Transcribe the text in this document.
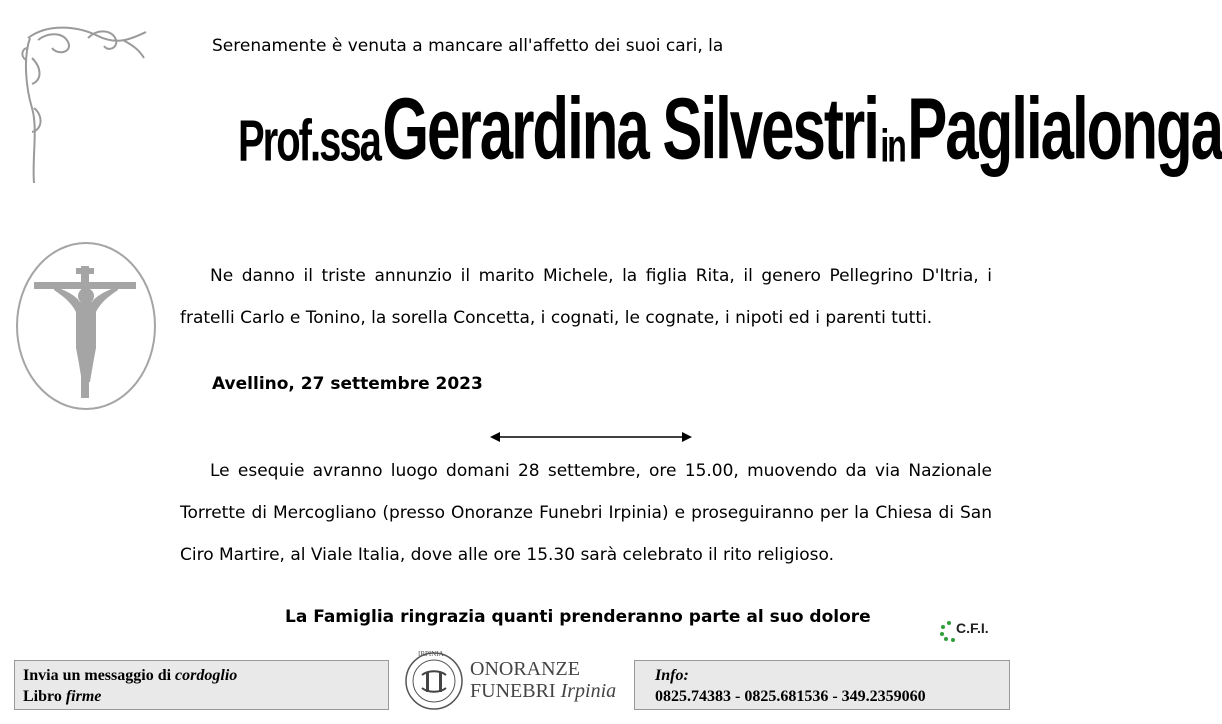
Serenamente è venuta a mancare all'affetto dei suoi cari, la
Prof.ssa Gerardina Silvestri in Paglialonga
Ne danno il triste annunzio il marito Michele, la figlia Rita, il genero Pellegrino D'Itria, i fratelli Carlo e Tonino, la sorella Concetta, i cognati, le cognate, i nipoti ed i parenti tutti.
Avellino, 27 settembre 2023
Le esequie avranno luogo domani 28 settembre, ore 15.00, muovendo da via Nazionale Torrette di Mercogliano (presso Onoranze Funebri Irpinia) e proseguiranno per la Chiesa di San Ciro Martire, al Viale Italia, dove alle ore 15.30 sarà celebrato il rito religioso.
La Famiglia ringrazia quanti prenderanno parte al suo dolore
C.F.I.
Invia un messaggio di cordoglio
Libro firme
IRPINIA
ONORANZE
FUNEBRI Irpinia
Info:
0825.74383 - 0825.681536 - 349.2359060
